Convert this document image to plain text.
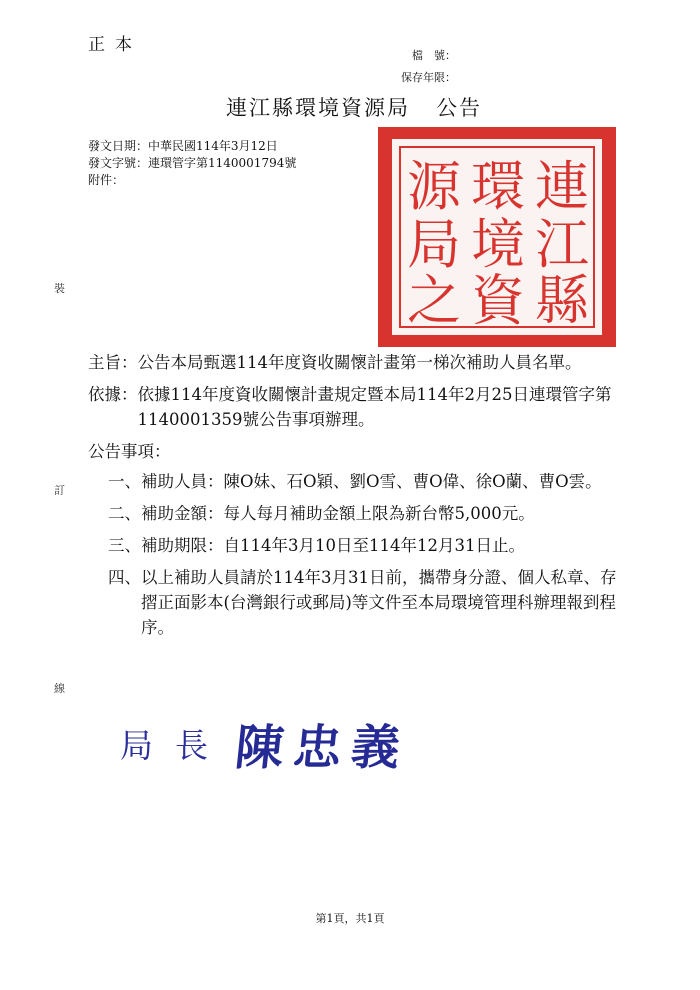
正本
檔　號：
保存年限：
連江縣環境資源局 公告
發文日期：中華民國114年3月12日
發文字號：連環管字第1140001794號
附件：	連
江
縣
環
境
資
源
局
之
裝
訂
線
主旨： 公告本局甄選114年度資收關懷計畫第一梯次補助人員名單。
依據： 依據114年度資收關懷計畫規定暨本局114年2月25日連環管字第1140001359號公告事項辦理。
公告事項：
一、 補助人員：陳O妹、石O穎、劉O雪、曹O偉、徐O蘭、曹O雲。
二、 補助金額：每人每月補助金額上限為新台幣5,000元。
三、 補助期限：自114年3月10日至114年12月31日止。
四、 以上補助人員請於114年3月31日前，攜帶身分證、個人私章、存摺正面影本(台灣銀行或郵局)等文件至本局環境管理科辦理報到程序。
局長 陳忠義
第1頁，共1頁
